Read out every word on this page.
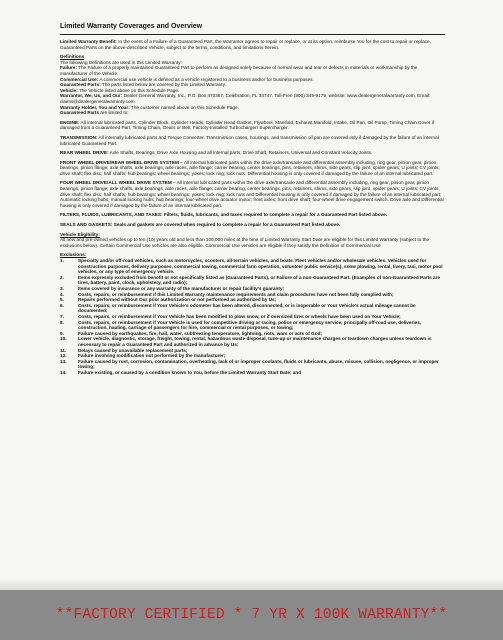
Limited Warranty Coverages and Overview

Limited Warranty Benefit: In the event of a Failure of a Guaranteed Part, the Warrantor agrees to repair or replace, or at its option, reimburse You for the cost to repair or replace, Guaranteed Parts on the above-described Vehicle, subject to the terms, conditions, and limitations herein.

Definitions
The following Definitions are used in this Limited Warranty:
Failure: The Failure of a properly maintained Guaranteed Part to perform as designed solely because of normal wear and tear or defects in materials or workmanship by the manufacturer of the Vehicle.
Commercial Use: A commercial use vehicle is defined as a vehicle registered to a business and/or for business purposes.
Guaranteed Parts: The parts listed below are covered by this Limited Warranty.
Vehicle: The Vehicle listed above on this Schedule Page.
Warrantor, We, Us, and Our: Dealer General Warranty, Inc., P.O. Box 470367, Celebration, FL 34747, Toll-Free (800) 349-9179, website: www.dealergeneralwarranty.com, Email: claims@dealergeneralwarranty.com.
Warranty Holder, You and Your: The customer named above on this Schedule Page.
Guaranteed Parts are limited to:

ENGINE: All internal lubricated parts, Cylinder Block, Cylinder Heads, Cylinder Head Gasket, Flywheel, Manifold, Exhaust Manifold, Intake, Oil Pan, Oil Pump, Timing Chain Cover if damaged from a Guaranteed Part, Timing Chain, Gears or Belt, Factory-Installed Turbocharger/ Supercharger.

TRANSMISSION: All internally lubricated parts and Torque Converter. Transmission cases, housings, and transmission oil pan are covered only if damaged by the failure of an internal lubricated Guaranteed Part.

REAR WHEEL DRIVE: Axle Shafts, Bearings, Drive Axle Housing and all internal parts, Drive Shaft, Retainers, Universal and Constant Velocity Joints.

FRONT WHEEL DRIVE/REAR WHEEL DRIVE SYSTEM – All internal lubricated parts within the drive axle/transaxle and differential assembly including, ring gear, pinion gear, pinion bearings, pinion flange; axle shafts, axle bearings, axle races, axle flange; carrier bearing, center bearings, pins, retainers, shims, side gears, slip joint, spider gears; U joints; CV joints; drive shaft; flex disc; half shafts; hub bearings; wheel bearings; yokes; lock ring; lock nuts. Differential housing is only covered if damaged by the failure of an internal lubricated part.

FOUR WHEEL DRIVE/ALL WHEEL DRIVE SYSTEM – All internal lubricated parts within the drive axle/transaxle and differential assembly including, ring gear, pinion gear, pinion bearings, pinion flange; axle shafts, axle bearings, axle races, axle flange; carrier bearing, center bearings, pins, retainers, shims, side gears, slip joint, spider gears; U joints; CV joints; drive shaft; flex disc; half shafts; hub bearings; wheel bearings; yokes; lock ring; lock nuts and Differential housing is only covered if damaged by the failure of an internal lubricated part; Automatic locking hubs; manual locking hubs; hub bearings; four-wheel drive actuator motor; front axles; front drive shaft; four-wheel drive engagement switch. Drive axle and Differential housing is only covered if damaged by the failure of an internal lubricated part.

FILTERS, FLUIDS, LUBRICANTS, AND TAXES: Filters, fluids, lubricants, and taxes required to complete a repair for a Guaranteed Part listed above.

SEALS AND GASKETS: Seals and gaskets are covered when required to complete a repair for a Guaranteed Part listed above.

Vehicle Eligibility:
All new and pre-owned vehicles up to ten (10) years old and less than 100,000 miles at the time of Limited Warranty Start Date are eligible for this Limited Warranty (subject to the exclusions below). Certain Commercial Use vehicles are also eligible. Commercial Use vehicles are eligible if they satisfy the Definition of Commercial Use.
Exclusions:
1.	Specialty and/or off-road vehicles, such as motorcycles, scooters, all-terrain vehicles, and boats. Fleet vehicles and/or wholesale vehicles. Vehicles used for construction purposes, delivery purposes, commercial towing, commercial farm operation, volunteer public service(s), snow plowing, rental, livery, taxi, motor pool vehicles, or any type of emergency vehicle.
2.	Items expressly excluded from benefit or not specifically listed as (Guaranteed Parts), or Failure of a non-Guaranteed Part. (Examples of non-Guaranteed Parts are tires, battery, paint, clock, upholstery, and radio);
3.	Items covered by insurance or any warranty of the manufacturer or repair facility's guaranty;
4.	Costs, repairs, or reimbursement if this Limited Warranty maintenance requirements and claim procedures have not been fully complied with;
5.	Repairs performed without Our prior authorization or not performed as authorized by Us;
6.	Costs, repairs, or reimbursement if Your Vehicle's odometer has been altered, disconnected, or is inoperable or Your Vehicle's actual mileage cannot be documented;
7.	Costs, repairs, or reimbursement if Your Vehicle has been modified to plow snow, or if oversized tires or wheels have been used on Your Vehicle;
8.	Costs, repairs, or reimbursement if Your Vehicle is used for competitive driving or racing, police or emergency service, principally off-road use, deliveries, construction, hauling, carriage of passengers for hire, commercial or rental purposes, or towing;
9.	Failure caused by earthquakes, fire, hail, water, subfreezing temperature, lightning, riots, wars or acts of God;
10. Lower vehicle, diagnostic, storage, freight, towing, rental, hazardous waste disposal, tune-up or maintenance charges or teardown charges unless teardown is necessary to repair a Guaranteed Part and authorized in advance by Us;
11. Delays caused by unavailable replacement parts;
12. Failure involving modification not performed by the manufacturer;
13. Failure caused by rust, corrosion, contamination, overheating, lack of or improper coolants, fluids or lubricants, abuse, misuse, collision, negligence, or improper towing;
14. Failure existing, or caused by a condition known to You, before the Limited Warranty Start Date; and
**FACTORY CERTIFIED * 7 YR X 100K WARRANTY**
